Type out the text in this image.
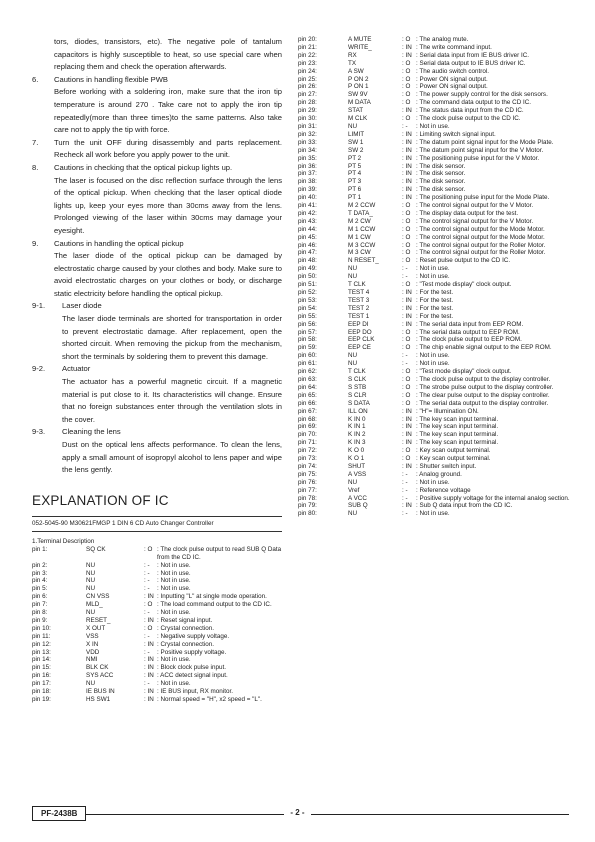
tors, diodes, transistors, etc). The negative pole of tantalum capacitors is highly susceptible to heat, so use special care when replacing them and check the operation afterwards.

6.	Cautions in handling flexible PWB

Before working with a soldering iron, make sure that the iron tip temperature is around 270 . Take care not to apply the iron tip repeatedly(more than three times)to the same patterns. Also take care not to apply the tip with force.

7.	Turn the unit OFF during disassembly and parts replacement. Recheck all work before you apply power to the unit.

8.	Cautions in checking that the optical pickup lights up.

The laser is focused on the disc reflection surface through the lens of the optical pickup. When checking that the laser optical diode lights up, keep your eyes more than 30cms away from the lens. Prolonged viewing of the laser within 30cms may damage your eyesight.

9.	Cautions in handling the optical pickup

The laser diode of the optical pickup can be damaged by electrostatic charge caused by your clothes and body. Make sure to avoid electrostatic charges on your clothes or body, or discharge static electricity before handling the optical pickup.

9-1.	Laser diode

The laser diode terminals are shorted for transportation in order to prevent electrostatic damage. After replacement, open the shorted circuit. When removing the pickup from the mechanism, short the terminals by soldering them to prevent this damage.

9-2.	Actuator

The actuator has a powerful magnetic circuit. If a magnetic material is put close to it. Its characteristics will change. Ensure that no foreign substances enter through the ventilation slots in the cover.

9-3.	Cleaning the lens

Dust on the optical lens affects performance. To clean the lens, apply a small amount of isopropyl alcohol to lens paper and wipe the lens gently.

EXPLANATION OF IC
052-5045-90 M30621FMGP 1 DIN 6 CD Auto Changer Controller
1.Terminal Description
pin 1:	SQ CK	: O : The clock pulse output to read SUB Q Data from the CD IC.
pin 2:	NU	: -	: Not in use.
pin 3:	NU	: -	: Not in use.
pin 4:	NU	: -	: Not in use.
pin 5:	NU	: -	: Not in use.
pin 6:	CN VSS	: IN : Inputting "L" at single mode operation.
pin 7:	MLD_	: O : The load command output to the CD IC.
pin 8:	NU	: -	: Not in use.
pin 9:	RESET_	: IN : Reset signal input.
pin 10:	X OUT	: O : Crystal connection.
pin 11:	VSS	: -	: Negative supply voltage.
pin 12:	X IN	: IN : Crystal connection.
pin 13:	VDD	: -	: Positive supply voltage.
pin 14:	NMI	: IN : Not in use.
pin 15:	BLK CK	: IN : Block clock pulse input.
pin 16:	SYS ACC	: IN : ACC detect signal input.
pin 17:	NU	: -	: Not in use.
pin 18:	IE BUS IN	: IN : IE BUS input, RX monitor.
pin 19:	HS SW1	: IN : Normal speed = "H", x2 speed = "L".
pin 20:	A MUTE	: O : The analog mute.
pin 21:	WRITE_	: IN : The write command input.
pin 22:	RX	: IN : Serial data input from IE BUS driver IC.
pin 23:	TX	: O : Serial data output to IE BUS driver IC.
pin 24:	A SW	: O : The audio switch control.
pin 25:	P ON 2	: O : Power ON signal output.
pin 26:	P ON 1	: O : Power ON signal output.
pin 27:	SW 9V	: O : The power supply control for the disk sensors.
pin 28:	M DATA	: O : The command data output to the CD IC.
pin 29:	STAT	: IN : The status data input from the CD IC.
pin 30:	M CLK	: O : The clock pulse output to the CD IC.
pin 31:	NU	: -	: Not in use.
pin 32:	LIMIT	: IN : Limiting switch signal input.
pin 33:	SW 1	: IN : The datum point signal input for the Mode Plate.
pin 34:	SW 2	: IN : The datum point signal input for the V Motor.
pin 35:	PT 2	: IN : The positioning pulse input for the V Motor.
pin 36:	PT 5	: IN : The disk sensor.
pin 37:	PT 4	: IN : The disk sensor.
pin 38:	PT 3	: IN : The disk sensor.
pin 39:	PT 6	: IN : The disk sensor.
pin 40:	PT 1	: IN : The positioning pulse input for the Mode Plate.
pin 41:	M 2 CCW	: O : The control signal output for the V Motor.
pin 42:	T DATA_	: O : The display data output for the test.
pin 43:	M 2 CW	: O : The control signal output for the V Motor.
pin 44:	M 1 CCW	: O : The control signal output for the Mode Motor.
pin 45:	M 1 CW	: O : The control signal output for the Mode Motor.
pin 46:	M 3 CCW	: O : The control signal output for the Roller Motor.
pin 47:	M 3 CW	: O : The control signal output for the Roller Motor.
pin 48:	N RESET_	: O : Reset pulse output to the CD IC.
pin 49:	NU	: -	: Not in use.
pin 50:	NU	: -	: Not in use.
pin 51:	T CLK	: O : "Test mode display" clock output.
pin 52:	TEST 4	: IN : For the test.
pin 53:	TEST 3	: IN : For the test.
pin 54:	TEST 2	: IN : For the test.
pin 55:	TEST 1	: IN : For the test.
pin 56:	EEP DI	: IN : The serial data input from EEP ROM.
pin 57:	EEP DO	: O : The serial data output to EEP ROM.
pin 58:	EEP CLK	: O : The clock pulse output to EEP ROM.
pin 59:	EEP CE	: O : The chip enable signal output to the EEP ROM.
pin 60:	NU	: -	: Not in use.
pin 61:	NU	: -	: Not in use.
pin 62:	T CLK	: O : "Test mode display" clock output.
pin 63:	S CLK	: O : The clock pulse output to the display controller.
pin 64:	S STB	: O : The strobe pulse output to the display controller.
pin 65:	S CLR	: O : The clear pulse output to the display controller.
pin 66:	S DATA	: O : The serial data output to the display controller.
pin 67:	ILL ON	: IN : "H"= Illumination ON.
pin 68:	K IN 0	: IN : The key scan input terminal.
pin 69:	K IN 1	: IN : The key scan input terminal.
pin 70:	K IN 2	: IN : The key scan input terminal.
pin 71:	K IN 3	: IN : The key scan input terminal.
pin 72:	K O 0	: O : Key scan output terminal.
pin 73:	K O 1	: O : Key scan output terminal.
pin 74:	SHUT	: IN : Shutter switch input.
pin 75:	A VSS	: -	: Analog ground.
pin 76:	NU	: -	: Not in use.
pin 77:	Vref	: -	: Reference voltage
pin 78:	A VCC	: -	: Positive supply voltage for the internal analog section.
pin 79:	SUB Q	: IN : Sub Q data input from the CD IC.
pin 80:	NU	: -	: Not in use.
PF-2438B	- 2 -
